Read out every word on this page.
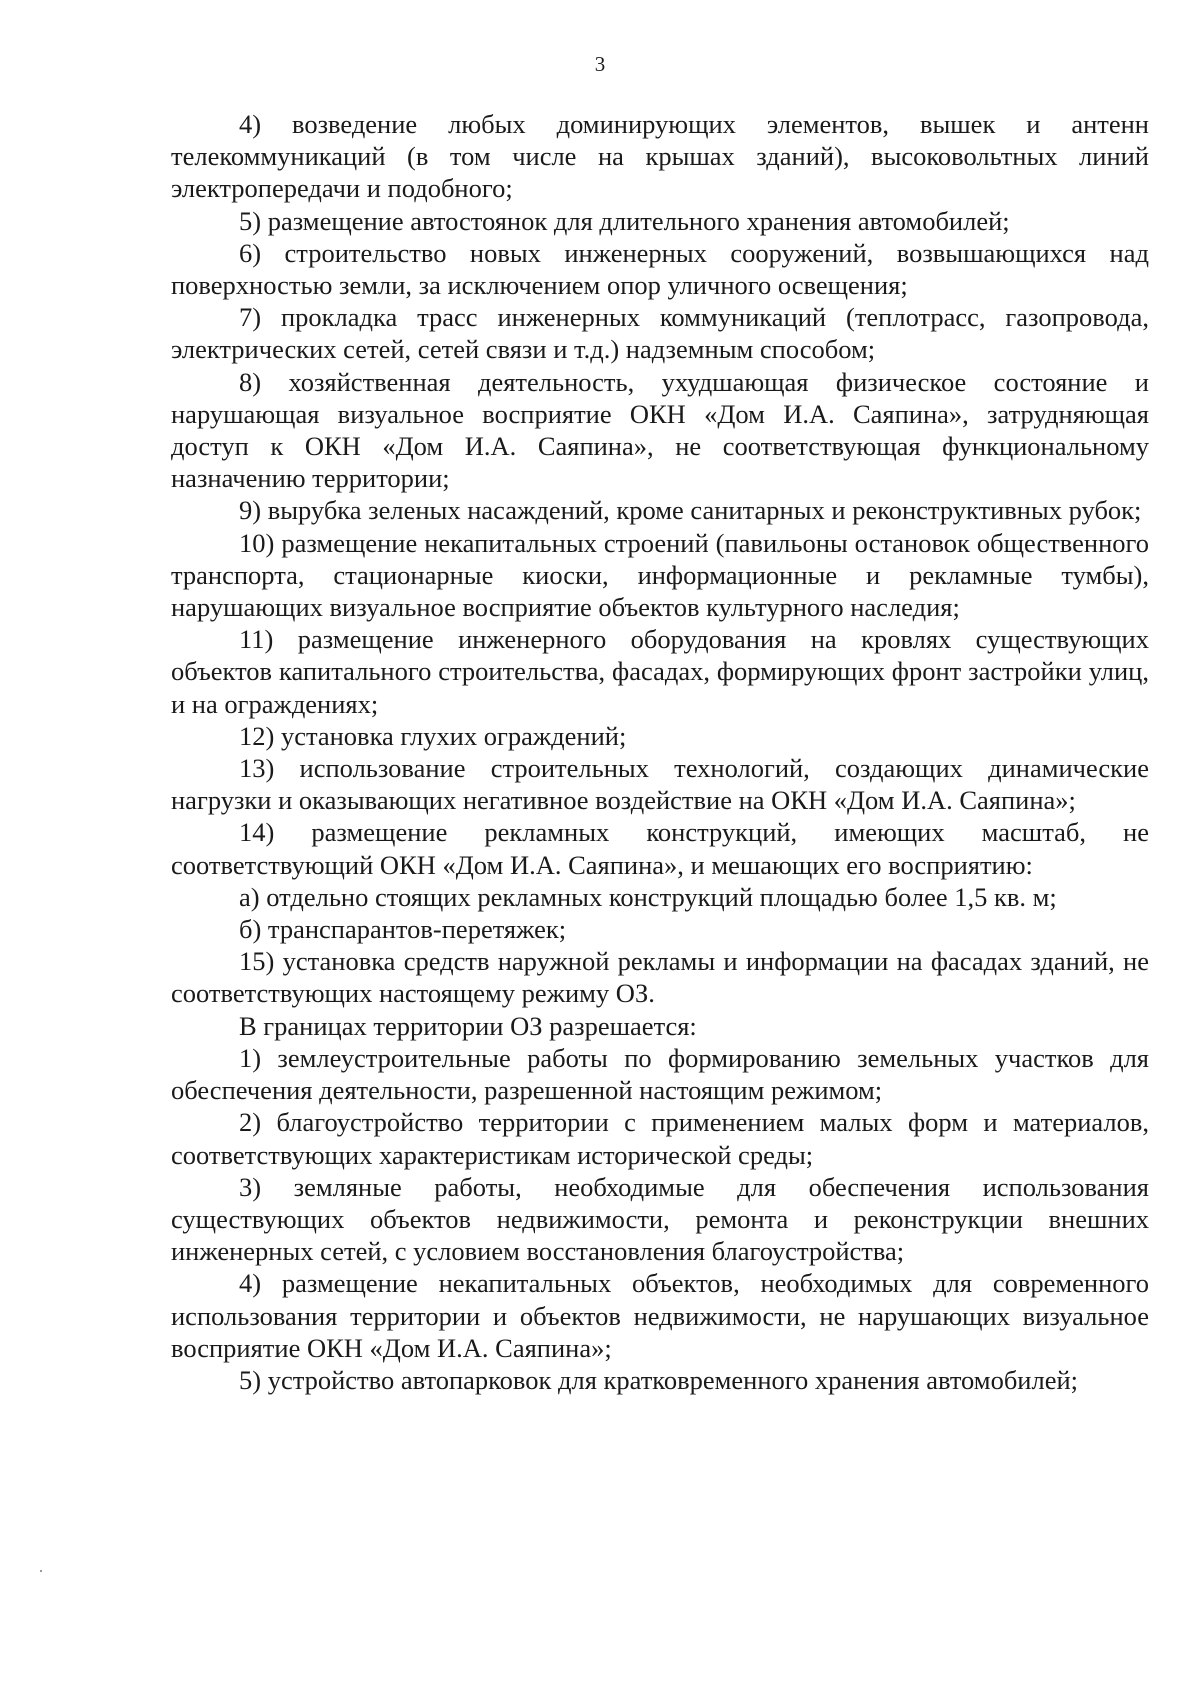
3

4) возведение любых доминирующих элементов, вышек и антенн телекоммуникаций (в том числе на крышах зданий), высоковольтных линий электропередачи и подобного;

5) размещение автостоянок для длительного хранения автомобилей;

6) строительство новых инженерных сооружений, возвышающихся над поверхностью земли, за исключением опор уличного освещения;

7) прокладка трасс инженерных коммуникаций (теплотрасс, газопровода, электрических сетей, сетей связи и т.д.) надземным способом;

8) хозяйственная деятельность, ухудшающая физическое состояние и нарушающая визуальное восприятие ОКН «Дом И.А. Саяпина», затрудняющая доступ к ОКН «Дом И.А. Саяпина», не соответствующая функциональному назначению территории;

9) вырубка зеленых насаждений, кроме санитарных и реконструктивных рубок;

10) размещение некапитальных строений (павильоны остановок общественного транспорта, стационарные киоски, информационные и рекламные тумбы), нарушающих визуальное восприятие объектов культурного наследия;

11) размещение инженерного оборудования на кровлях существующих объектов капитального строительства, фасадах, формирующих фронт застройки улиц, и на ограждениях;

12) установка глухих ограждений;

13) использование строительных технологий, создающих динамические нагрузки и оказывающих негативное воздействие на ОКН «Дом И.А. Саяпина»;

14) размещение рекламных конструкций, имеющих масштаб, не соответствующий ОКН «Дом И.А. Саяпина», и мешающих его восприятию:

а) отдельно стоящих рекламных конструкций площадью более 1,5 кв. м;

б) транспарантов-перетяжек;

15) установка средств наружной рекламы и информации на фасадах зданий, не соответствующих настоящему режиму ОЗ.

В границах территории ОЗ разрешается:

1) землеустроительные работы по формированию земельных участков для обеспечения деятельности, разрешенной настоящим режимом;

2) благоустройство территории с применением малых форм и материалов, соответствующих характеристикам исторической среды;

3) земляные работы, необходимые для обеспечения использования существующих объектов недвижимости, ремонта и реконструкции внешних инженерных сетей, с условием восстановления благоустройства;

4) размещение некапитальных объектов, необходимых для современного использования территории и объектов недвижимости, не нарушающих визуальное восприятие ОКН «Дом И.А. Саяпина»;

5) устройство автопарковок для кратковременного хранения автомобилей;
